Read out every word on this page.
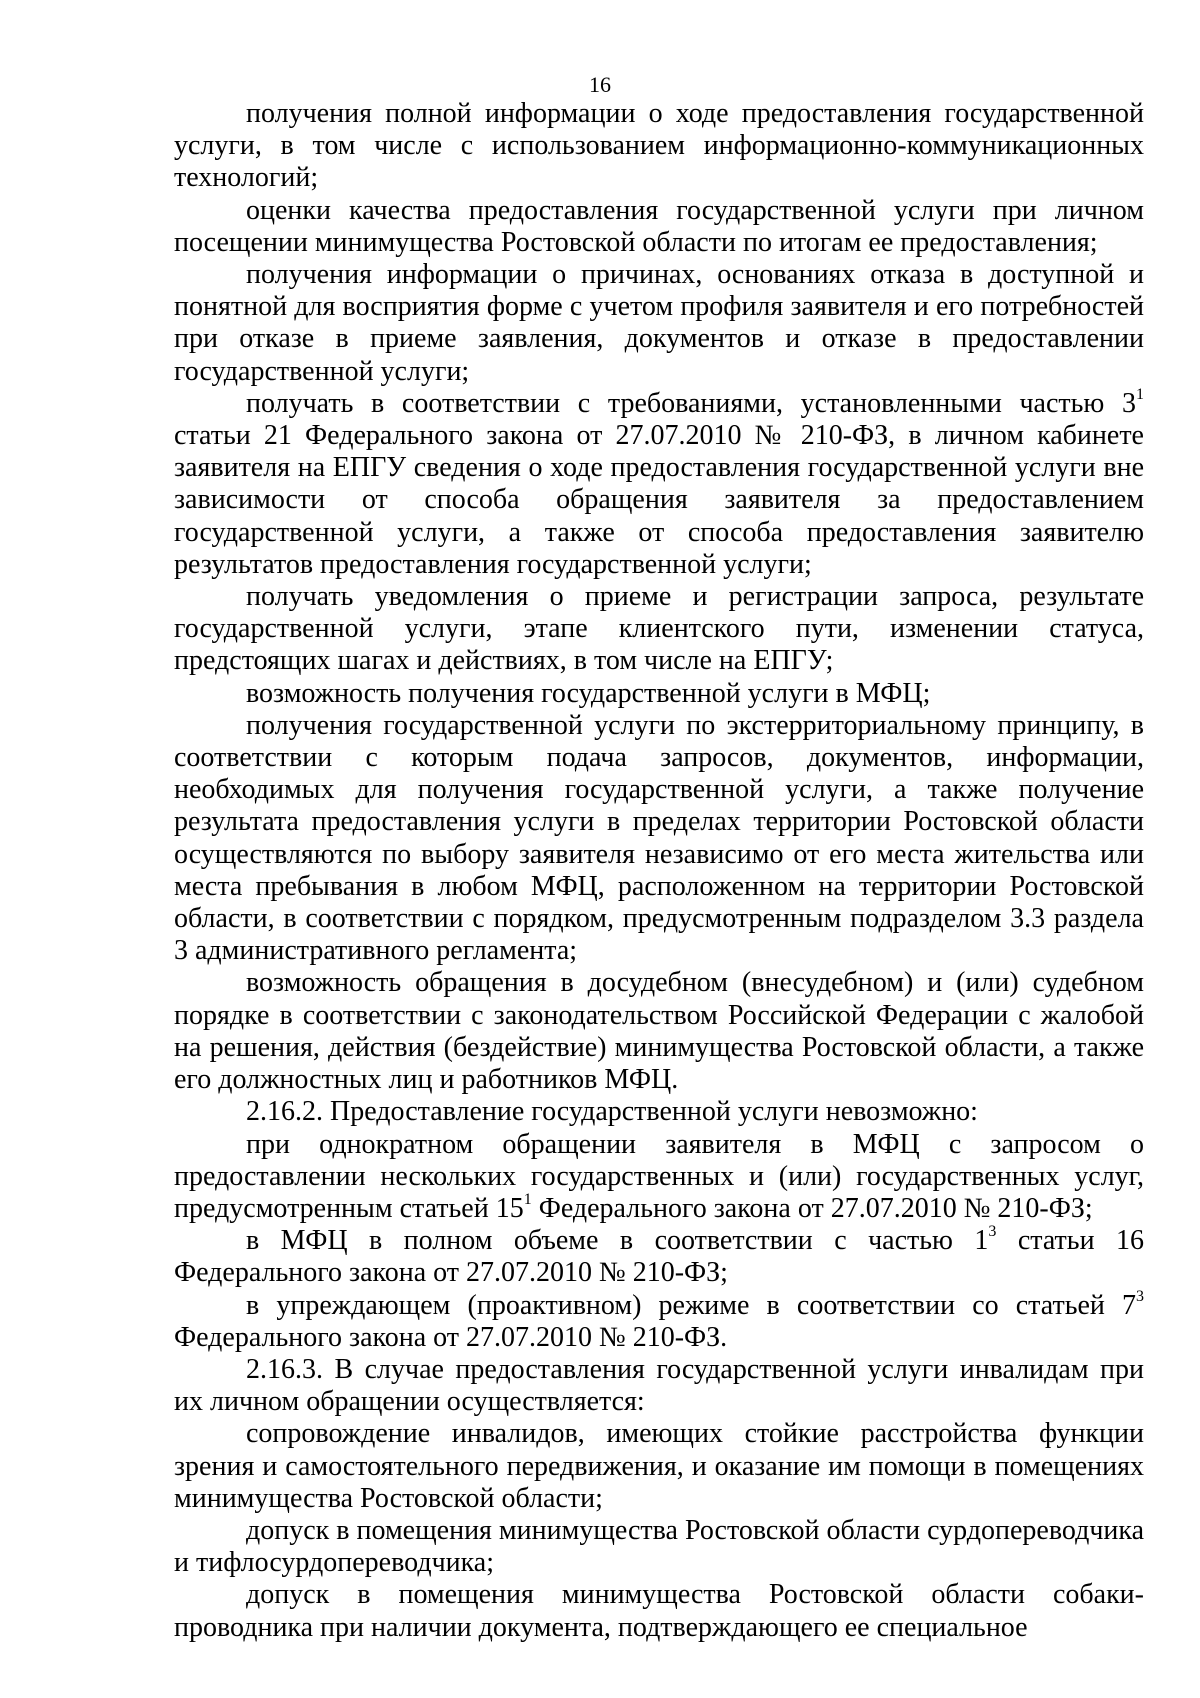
16

получения полной информации о ходе предоставления государственной услуги, в том числе с использованием информационно-коммуникационных технологий;

оценки качества предоставления государственной услуги при личном посещении минимущества Ростовской области по итогам ее предоставления;

получения информации о причинах, основаниях отказа в доступной и понятной для восприятия форме с учетом профиля заявителя и его потребностей при отказе в приеме заявления, документов и отказе в предоставлении государственной услуги;

получать в соответствии с требованиями, установленными частью $3^1$ статьи 21 Федерального закона от 27.07.2010 № 210-ФЗ, в личном кабинете заявителя на ЕПГУ сведения о ходе предоставления государственной услуги вне зависимости от способа обращения заявителя за предоставлением государственной услуги, а также от способа предоставления заявителю результатов предоставления государственной услуги;

получать уведомления о приеме и регистрации запроса, результате государственной услуги, этапе клиентского пути, изменении статуса, предстоящих шагах и действиях, в том числе на ЕПГУ;

возможность получения государственной услуги в МФЦ;

получения государственной услуги по экстерриториальному принципу, в соответствии с которым подача запросов, документов, информации, необходимых для получения государственной услуги, а также получение результата предоставления услуги в пределах территории Ростовской области осуществляются по выбору заявителя независимо от его места жительства или места пребывания в любом МФЦ, расположенном на территории Ростовской области, в соответствии с порядком, предусмотренным подразделом 3.3 раздела 3 административного регламента;

возможность обращения в досудебном (внесудебном) и (или) судебном порядке в соответствии с законодательством Российской Федерации с жалобой на решения, действия (бездействие) минимущества Ростовской области, а также его должностных лиц и работников МФЦ.

2.16.2. Предоставление государственной услуги невозможно:

при однократном обращении заявителя в МФЦ с запросом о предоставлении нескольких государственных и (или) государственных услуг, предусмотренным статьей $15^1$ Федерального закона от 27.07.2010 № 210-ФЗ;

в МФЦ в полном объеме в соответствии с частью $1^3$ статьи 16 Федерального закона от 27.07.2010 № 210-ФЗ;

в упреждающем (проактивном) режиме в соответствии со статьей $7^3$ Федерального закона от 27.07.2010 № 210-ФЗ.

2.16.3. В случае предоставления государственной услуги инвалидам при их личном обращении осуществляется:

сопровождение инвалидов, имеющих стойкие расстройства функции зрения и самостоятельного передвижения, и оказание им помощи в помещениях минимущества Ростовской области;

допуск в помещения минимущества Ростовской области сурдопереводчика и тифлосурдопереводчика;

допуск в помещения минимущества Ростовской области собаки-проводника при наличии документа, подтверждающего ее специальное
